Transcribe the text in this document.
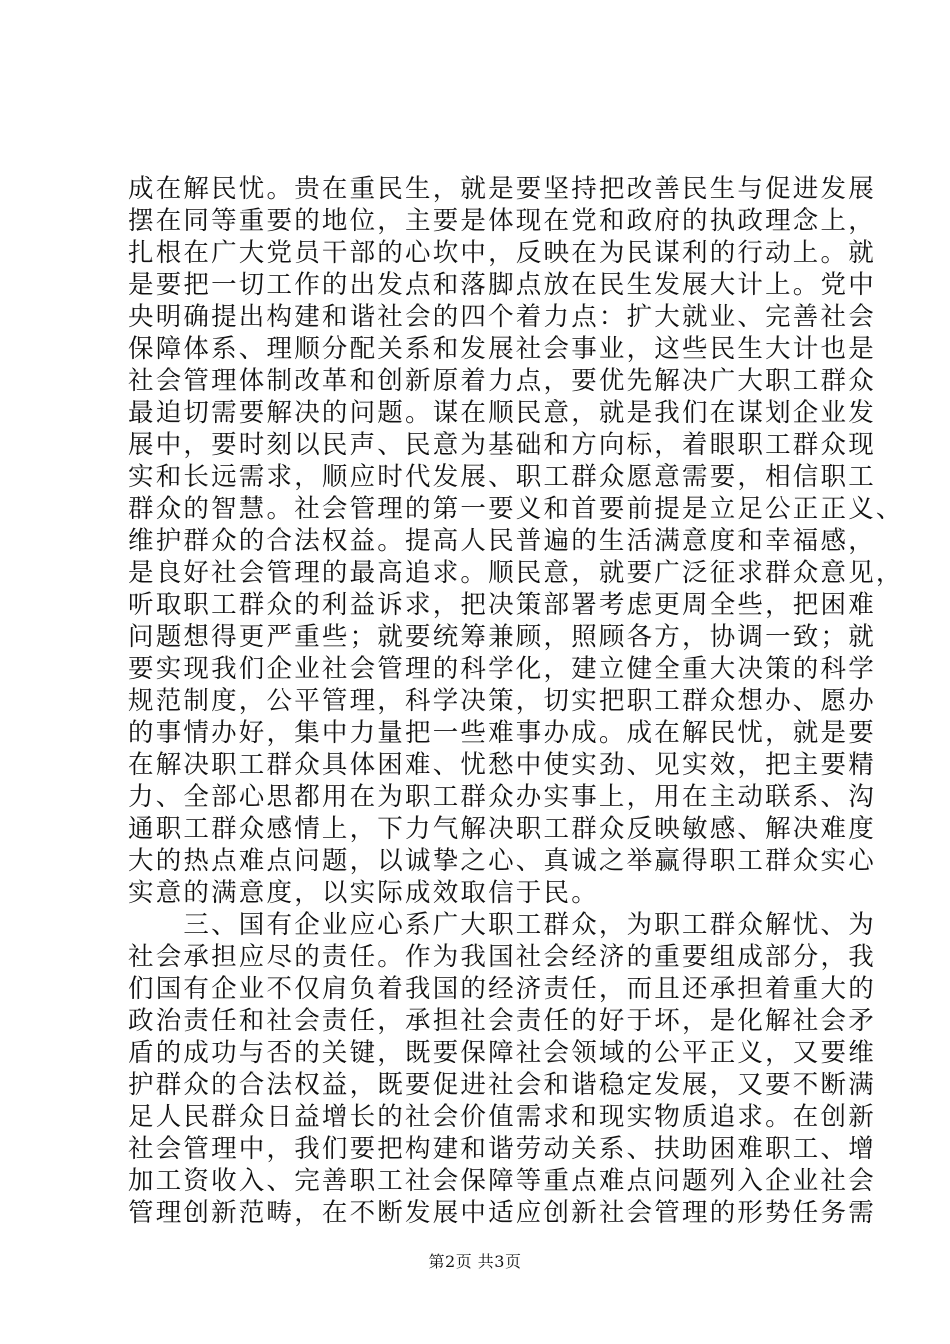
成在解民忧。贵在重民生，就是要坚持把改善民生与促进发展
摆在同等重要的地位，主要是体现在党和政府的执政理念上，
扎根在广大党员干部的心坎中，反映在为民谋利的行动上。就
是要把一切工作的出发点和落脚点放在民生发展大计上。党中
央明确提出构建和谐社会的四个着力点：扩大就业、完善社会
保障体系、理顺分配关系和发展社会事业，这些民生大计也是
社会管理体制改革和创新原着力点，要优先解决广大职工群众
最迫切需要解决的问题。谋在顺民意，就是我们在谋划企业发
展中，要时刻以民声、民意为基础和方向标，着眼职工群众现
实和长远需求，顺应时代发展、职工群众愿意需要，相信职工
群众的智慧。社会管理的第一要义和首要前提是立足公正正义、
维护群众的合法权益。提高人民普遍的生活满意度和幸福感，
是良好社会管理的最高追求。顺民意，就要广泛征求群众意见，
听取职工群众的利益诉求，把决策部署考虑更周全些，把困难
问题想得更严重些；就要统筹兼顾，照顾各方，协调一致；就
要实现我们企业社会管理的科学化，建立健全重大决策的科学
规范制度，公平管理，科学决策，切实把职工群众想办、愿办
的事情办好，集中力量把一些难事办成。成在解民忧，就是要
在解决职工群众具体困难、忧愁中使实劲、见实效，把主要精
力、全部心思都用在为职工群众办实事上，用在主动联系、沟
通职工群众感情上，下力气解决职工群众反映敏感、解决难度
大的热点难点问题，以诚挚之心、真诚之举赢得职工群众实心
实意的满意度，以实际成效取信于民。
　　三、国有企业应心系广大职工群众，为职工群众解忧、为
社会承担应尽的责任。作为我国社会经济的重要组成部分，我
们国有企业不仅肩负着我国的经济责任，而且还承担着重大的
政治责任和社会责任，承担社会责任的好于坏，是化解社会矛
盾的成功与否的关键，既要保障社会领域的公平正义，又要维
护群众的合法权益，既要促进社会和谐稳定发展，又要不断满
足人民群众日益增长的社会价值需求和现实物质追求。在创新
社会管理中，我们要把构建和谐劳动关系、扶助困难职工、增
加工资收入、完善职工社会保障等重点难点问题列入企业社会
管理创新范畴，在不断发展中适应创新社会管理的形势任务需
第2页 共3页
